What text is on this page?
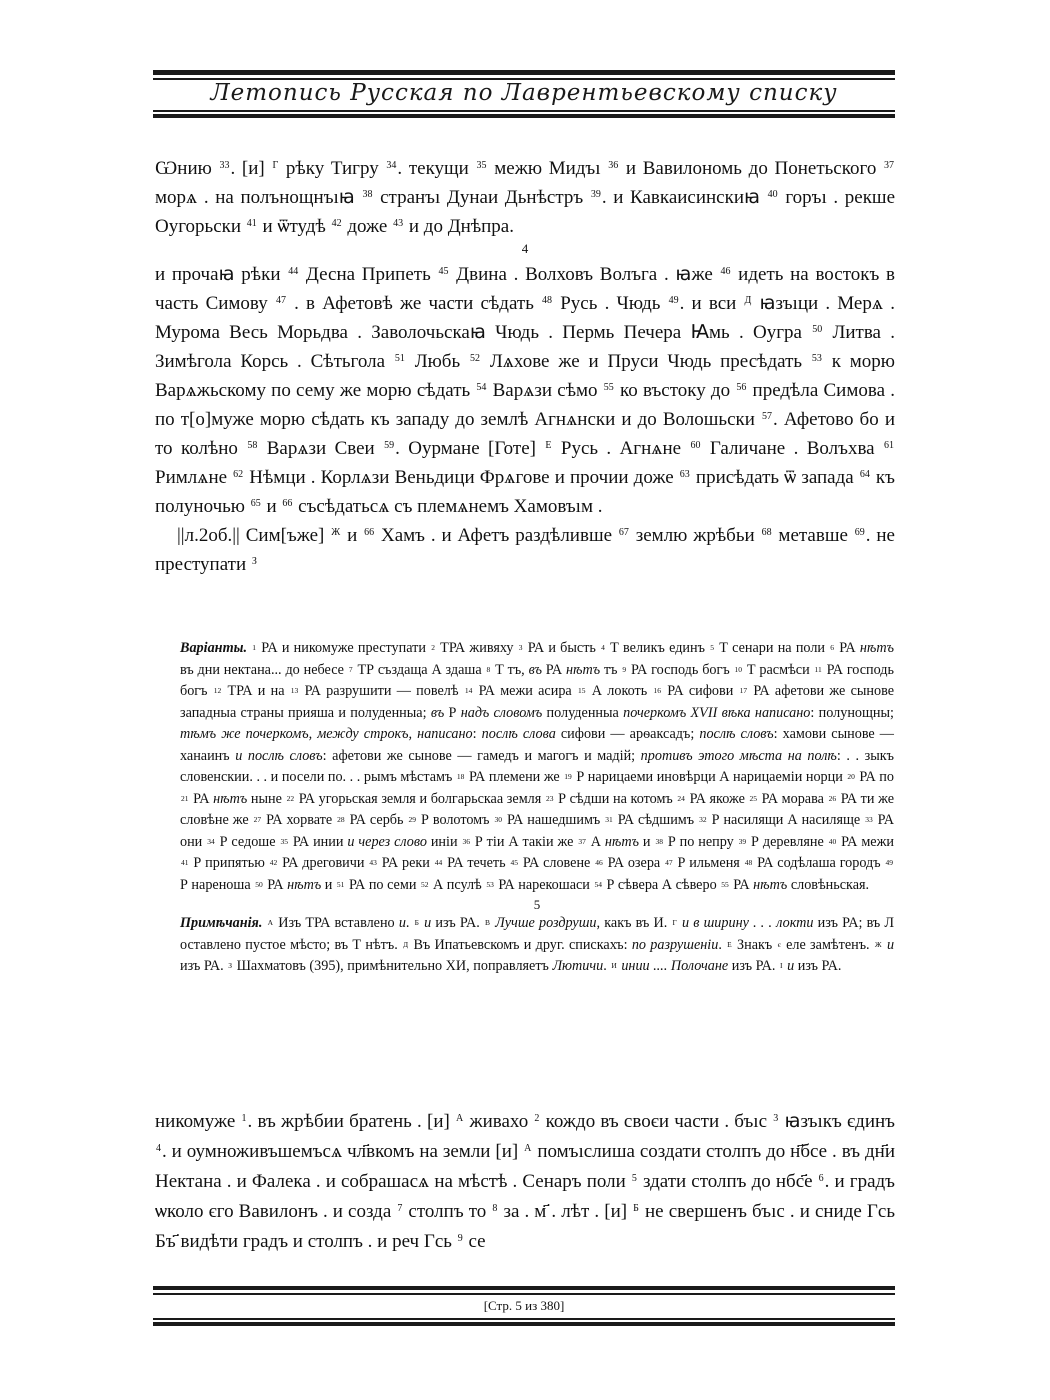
Летопись Русская по Лаврентьевскому списку

Ѡнию $^{33}$. [и] $^Г$ рѣку Тигру $^{34}$. текущи $^{35}$ межю Мидъı $^{36}$ и Вавилономь до Понетьского $^{37}$ морѧ . на полънощнъıꙗ $^{38}$ странъı Дунаи Дьнѣстръ $^{39}$. и Кавкаисинскиꙗ $^{40}$ горъı . рекше Оугорьски $^{41}$ и ѿтудѣ $^{42}$ доже $^{43}$ и до Днѣпра.

4

и прочаꙗ рѣки $^{44}$ Десна Припеть $^{45}$ Двина . Волховъ Волъга . ꙗже $^{46}$ идеть на востокъ в часть Симову $^{47}$ . в Афетовѣ же части сѣдать $^{48}$ Русь . Чюдь $^{49}$. и вси $^Д$ ꙗзъıци . Мерѧ . Мурома Весь Морьдва . Заволочьскаꙗ Чюдь . Пермь Печера Ꙗмь . Оугра $^{50}$ Литва . Зимѣгола Корсь . Сѣтьгола $^{51}$ Любь $^{52}$ Лѧхове же и Пруси Чюдь пресѣдать $^{53}$ к морю Варѧжьскому по сему же морю сѣдать $^{54}$ Варѧзи сѣмо $^{55}$ ко въстоку до $^{56}$ предѣла Симова . по т[о]муже морю сѣдать къ западу до землѣ Агнѧнски и до Волошьски $^{57}$. Афетово бо и то колѣно $^{58}$ Варѧзи Свеи $^{59}$. Оурмане [Готе] $^Е$ Русь . Агнѧне $^{60}$ Галичане . Волъхва $^{61}$ Римлѧне $^{62}$ Нѣмци . Корлѧзи Веньдици Фрѧгове и прочии доже $^{63}$ присѣдать ѿ запада $^{64}$ къ полуночью $^{65}$ и $^{66}$ съсѣдатьсѧ съ племѧнемъ Хамовъıм .

||л.2об.|| Сим[ъже] $^Ж$ и $^{66}$ Хамъ . и Афетъ раздѣливше $^{67}$ землю жрѣбьи $^{68}$ метавше $^{69}$. не преступати $^З$

Варіанты. $^1$ РА и никомуже преступати $^2$ ТРА живяху $^3$ РА и бысть $^4$ Т великъ единъ $^5$ Т сенари на поли $^6$ РА нѣтъ въ дни нектана... до небесе $^7$ ТР създаща А здаша $^8$ Т тъ, въ РА нѣтъ тъ $^9$ РА господь богъ $^{10}$ Т расмѣси $^{11}$ РА господь богъ $^{12}$ ТРА и на $^{13}$ РА разрушити — повелѣ $^{14}$ РА межи асира $^{15}$ А локоть $^{16}$ РА сифови $^{17}$ РА афетови же сынове западныа страны прияша и полуденныа; въ Р надъ словомъ полуденныа почеркомъ XVII вѣка написано: полунощны; тѣмъ же почеркомъ, между строкъ, написано: послѣ слова сифови — арѳаксадъ; послѣ словъ: хамови сынове — ханаинъ и послѣ словъ: афетови же сынове — гамедъ и магогъ и мадій; противъ этого мѣста на полѣ: . . зыкъ словенскии. . . и посели по. . . рымъ мѣстамъ $^{18}$ РА племени же $^{19}$ Р нарицаеми иновѣрци А нарицаеміи норци $^{20}$ РА по $^{21}$ РА нѣтъ ныне $^{22}$ РА угорьская земля и болгарьскаа земля $^{23}$ Р сѣдши на котомъ $^{24}$ РА якоже $^{25}$ РА морава $^{26}$ РА ти же словѣне же $^{27}$ РА хорвате $^{28}$ РА сербь $^{29}$ Р волотомъ $^{30}$ РА нашедшимъ $^{31}$ РА сѣдшимъ $^{32}$ Р насилящи А насиляще $^{33}$ РА они $^{34}$ Р седоше $^{35}$ РА инии и через слово иніи $^{36}$ Р тіи А такіи же $^{37}$ А нѣтъ и $^{38}$ Р по непру $^{39}$ Р деревляне $^{40}$ РА межи $^{41}$ Р припятью $^{42}$ РА дреговичи $^{43}$ РА реки $^{44}$ РА течеть $^{45}$ РА словене $^{46}$ РА озера $^{47}$ Р ильменя $^{48}$ РА содѣлаша городъ $^{49}$ Р нареноша $^{50}$ РА нѣтъ и $^{51}$ РА по семи $^{52}$ А псулѣ $^{53}$ РА нарекошаси $^{54}$ Р сѣвера А сѣверо $^{55}$ РА нѣтъ словѣньская.

5

Примѣчанія. $^А$ Изъ ТРА вставлено и. $^Б$ и изъ РА. $^В$ Лучше роздруши, какъ въ И. $^Г$ и в ширину . . . локти изъ РА; въ Л оставлено пустое мѣсто; въ Т нѣтъ. $^Д$ Въ Ипатьевскомъ и друг. спискахъ: по разрушеніи. $^Е$ Знакъ $^є$ еле замѣтенъ. $^Ж$ и изъ РА. $^З$ Шахматовъ (395), примѣнительно ХИ, поправляетъ Лютичи. $^И$ инии .... Полочане изъ РА. $^І$ и изъ РА.

никомуже $^1$. въ жрѣбии братень . [и] $^А$ живахо $^2$ кождо въ своєи части . бъıс $^3$ ꙗзъıкъ єдинъ $^4$. и оумноживъшемъсѧ чл҃вкомъ на земли [и] $^А$ помъıслиша создати столпъ до н҃бсе . въ дн҃и Нектана . и Фалека . и собрашасѧ на мѣстѣ . Сенаръ поли $^5$ здати столпъ до нбс҃е $^6$. и градъ ѡколо єго Вавилонъ . и созда $^7$ столпъ то $^8$ за . м҃ . лѣт . [и] $^Б$ не свершенъ бъıс . и сниде Гсь Бъ҃ видѣти градъ и столпъ . и реч Гсь $^9$ се

[Стр. 5 из 380]
